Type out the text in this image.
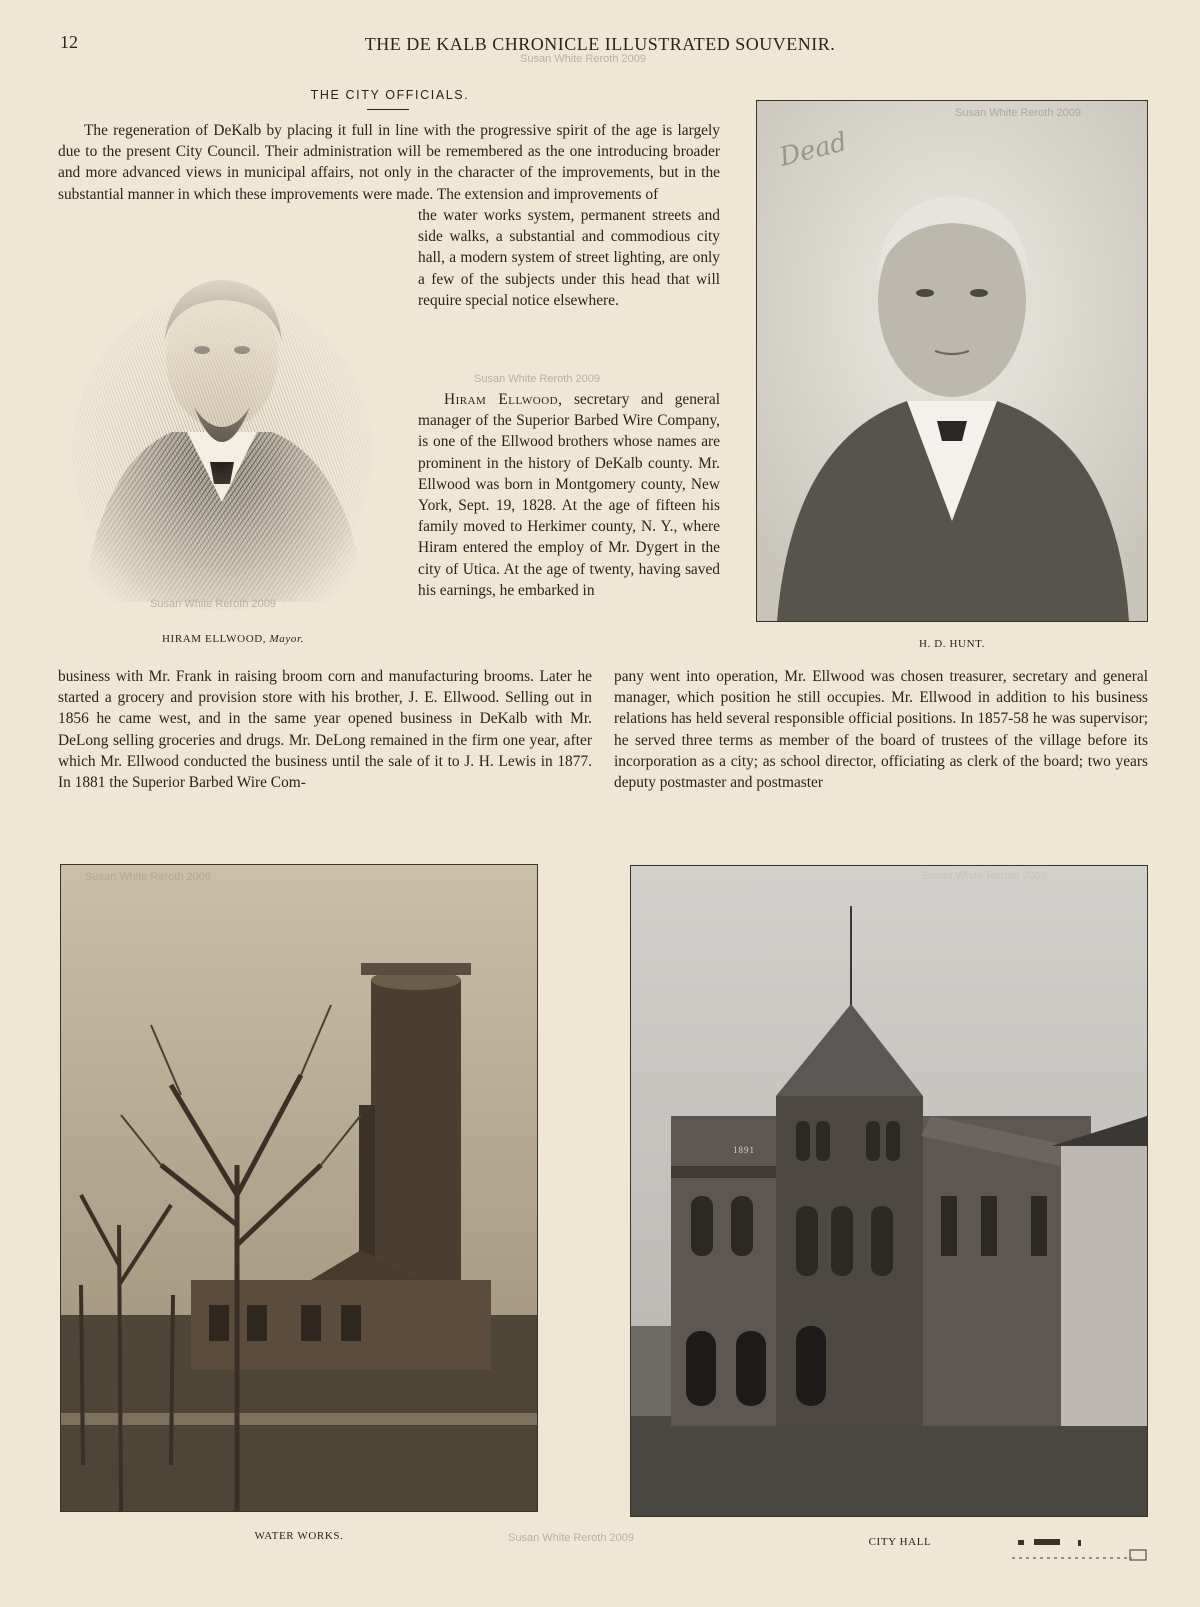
12	THE DE KALB CHRONICLE ILLUSTRATED SOUVENIR.
Susan White Reroth 2009
THE CITY OFFICIALS.

The regeneration of DeKalb by placing it full in line with the progressive spirit of the age is largely due to the present City Council. Their administration will be remembered as the one introducing broader and more advanced views in municipal affairs, not only in the character of the improvements, but in the substantial manner in which these improvements were made. The extension and improvements of

the water works system, permanent streets and side walks, a substantial and commodious city hall, a modern system of street lighting, are only a few of the subjects under this head that will require special notice elsewhere.

Susan White Reroth 2009

Hiram Ellwood, secretary and general manager of the Superior Barbed Wire Company, is one of the Ellwood brothers whose names are prominent in the history of DeKalb county. Mr. Ellwood was born in Montgomery county, New York, Sept. 19, 1828. At the age of fifteen his family moved to Herkimer county, N. Y., where Hiram entered the employ of Mr. Dygert in the city of Utica. At the age of twenty, having saved his earnings, he embarked in

business with Mr. Frank in raising broom corn and manufacturing brooms. Later he started a grocery and provision store with his brother, J. E. Ellwood. Selling out in 1856 he came west, and in the same year opened business in DeKalb with Mr. DeLong selling groceries and drugs. Mr. DeLong remained in the firm one year, after which Mr. Ellwood conducted the business until the sale of it to J. H. Lewis in 1877. In 1881 the Superior Barbed Wire Com-

pany went into operation, Mr. Ellwood was chosen treasurer, secretary and general manager, which position he still occupies. Mr. Ellwood in addition to his business relations has held several responsible official positions. In 1857-58 he was supervisor; he served three terms as member of the board of trustees of the village before its incorporation as a city; as school director, officiating as clerk of the board; two years deputy postmaster and postmaster

Susan White Reroth 2009
HIRAM ELLWOOD, Mayor.
Dead
Susan White Reroth 2009
H. D. HUNT.
Susan White Reroth 2009
WATER WORKS.	Susan White Reroth 2009
1891
Susan White Reroth 2009
CITY HALL
